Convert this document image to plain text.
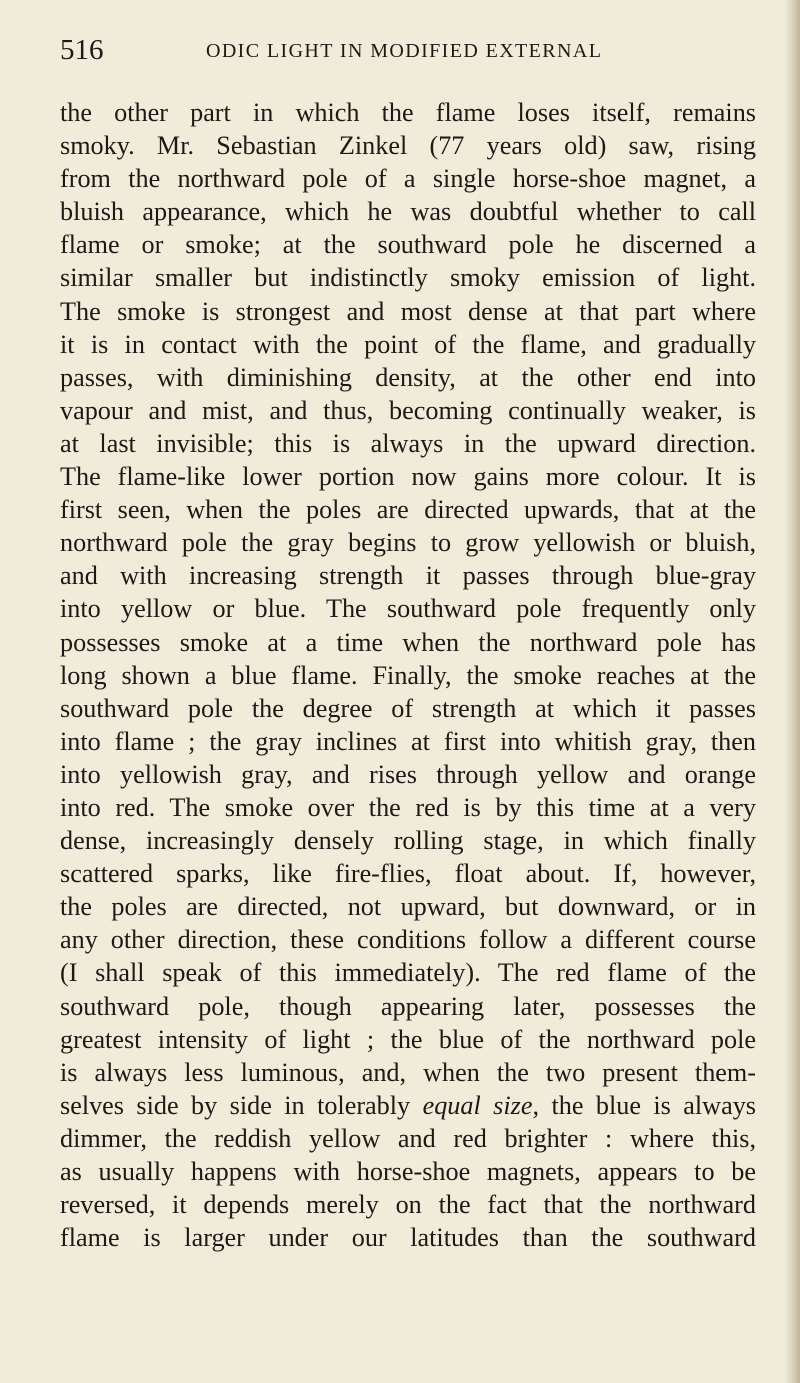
516	ODIC LIGHT IN MODIFIED EXTERNAL
the other part in which the flame loses itself, remains
smoky. Mr. Sebastian Zinkel (77 years old) saw, rising
from the northward pole of a single horse-shoe magnet, a
bluish appearance, which he was doubtful whether to call
flame or smoke; at the southward pole he discerned a
similar smaller but indistinctly smoky emission of light.
The smoke is strongest and most dense at that part where
it is in contact with the point of the flame, and gradually
passes, with diminishing density, at the other end into
vapour and mist, and thus, becoming continually weaker, is
at last invisible; this is always in the upward direction.
The flame-like lower portion now gains more colour. It is
first seen, when the poles are directed upwards, that at the
northward pole the gray begins to grow yellowish or bluish,
and with increasing strength it passes through blue-gray
into yellow or blue. The southward pole frequently only
possesses smoke at a time when the northward pole has
long shown a blue flame. Finally, the smoke reaches at the
southward pole the degree of strength at which it passes
into flame ; the gray inclines at first into whitish gray, then
into yellowish gray, and rises through yellow and orange
into red. The smoke over the red is by this time at a very
dense, increasingly densely rolling stage, in which finally
scattered sparks, like fire-flies, float about. If, however,
the poles are directed, not upward, but downward, or in
any other direction, these conditions follow a different course
(I shall speak of this immediately). The red flame of the
southward pole, though appearing later, possesses the
greatest intensity of light ; the blue of the northward pole
is always less luminous, and, when the two present them-
selves side by side in tolerably equal size, the blue is always
dimmer, the reddish yellow and red brighter : where this,
as usually happens with horse-shoe magnets, appears to be
reversed, it depends merely on the fact that the northward
flame is larger under our latitudes than the southward
